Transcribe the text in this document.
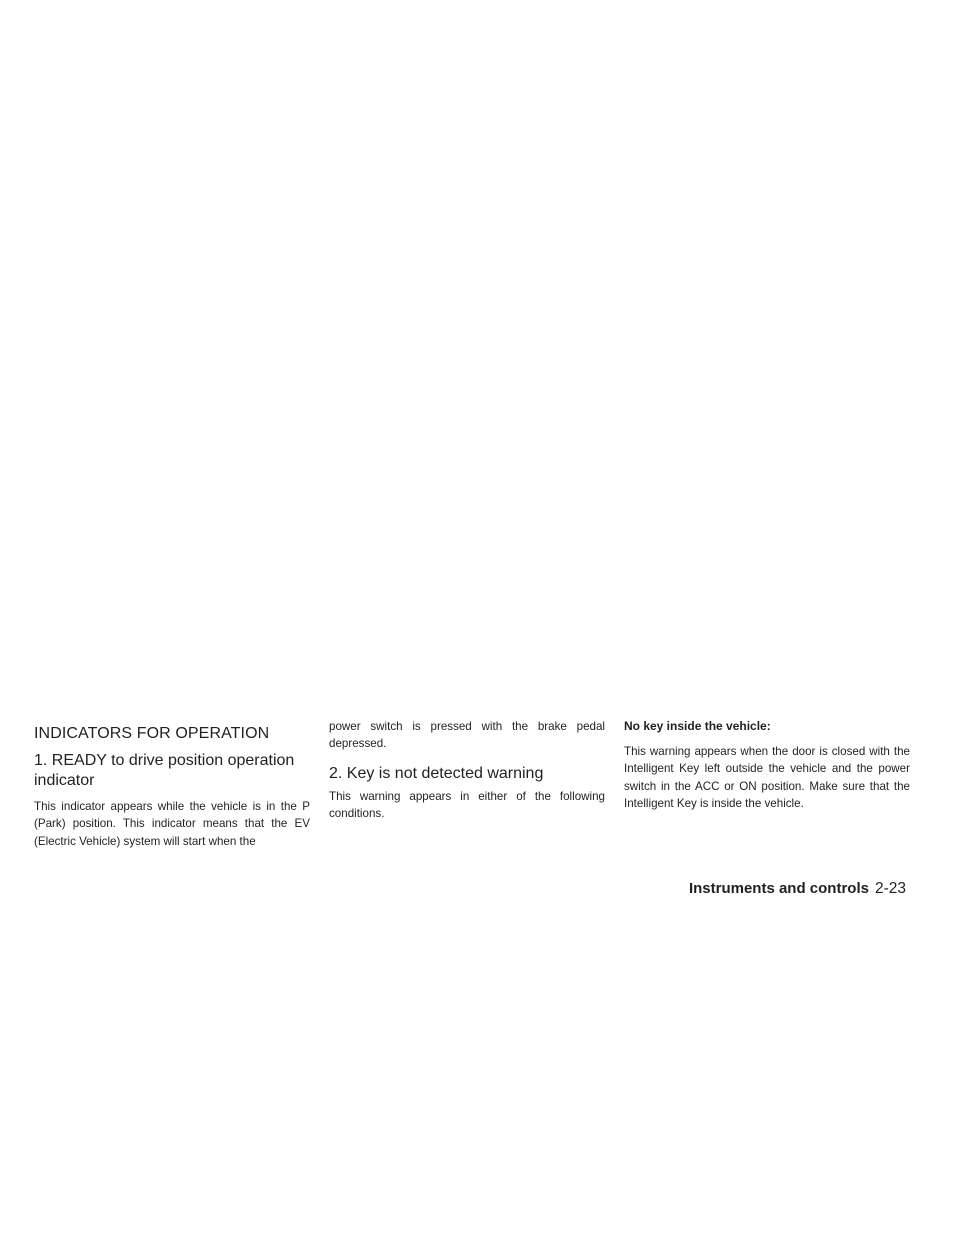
INDICATORS FOR OPERATION
1. READY to drive position operation indicator

This indicator appears while the vehicle is in the P (Park) position. This indicator means that the EV (Electric Vehicle) system will start when the

power switch is pressed with the brake pedal depressed.

2. Key is not detected warning

This warning appears in either of the following conditions.

No key inside the vehicle:

This warning appears when the door is closed with the Intelligent Key left outside the vehicle and the power switch in the ACC or ON position. Make sure that the Intelligent Key is inside the vehicle.

Instruments and controls 2-23
